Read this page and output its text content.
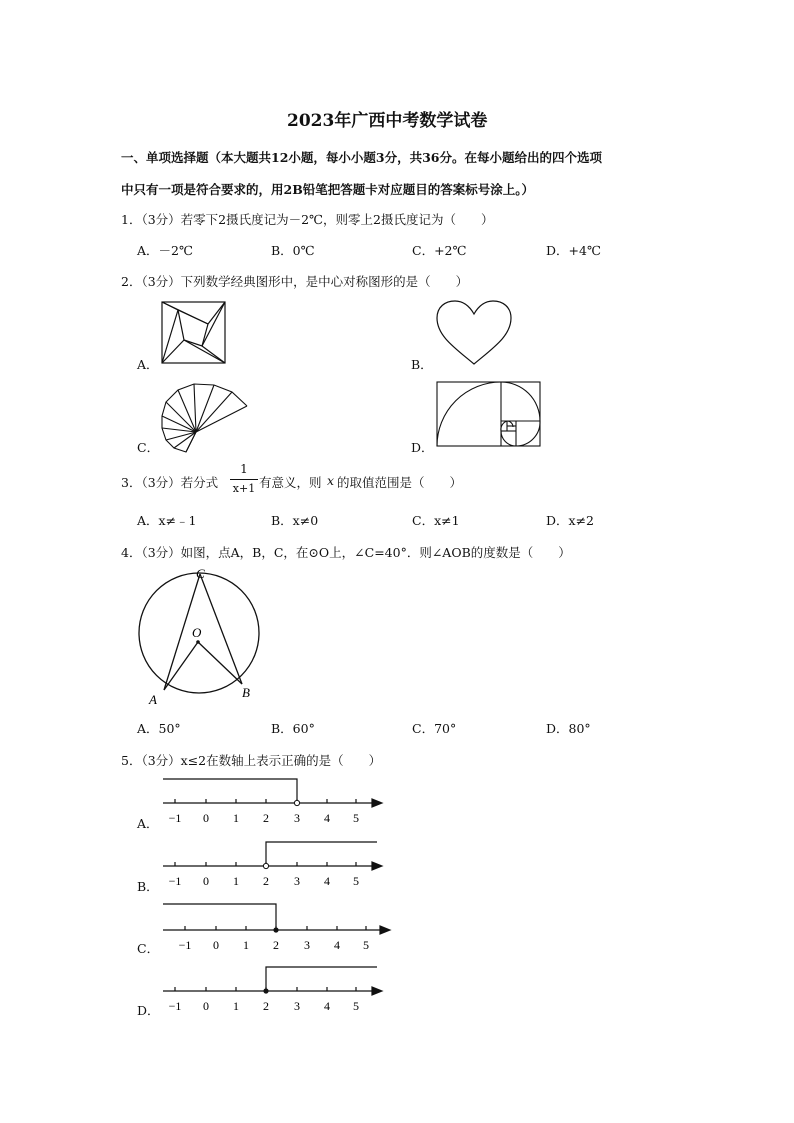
2023年广西中考数学试卷
一、单项选择题（本大题共12小题，每小小题3分，共36分。在每小题给出的四个选项
中只有一项是符合要求的，用2B铅笔把答题卡对应题目的答案标号涂上。）
1．（3分）若零下2摄氏度记为－2℃，则零上2摄氏度记为（　　）
A．－2℃	B．0℃	C．+2℃	D．+4℃
2．（3分）下列数学经典图形中，是中心对称图形的是（　　）
A．	B．
C．	D．
3．（3分）若分式
1
x+1 有意义，则 x 的取值范围是（　　）
A．x≠﹣1	B．x≠0	C．x≠1	D．x≠2
4．（3分）如图，点A，B，C，在⊙O上，∠C=40°．则∠AOB的度数是（　　）
C
O
A	B
A．50°	B．60°	C．70°	D．80°
5．（3分）x≤2在数轴上表示正确的是（　　）
A． −1 0 1 2 3 4 5
B． −1 0 1 2 3 4 5
C． −1 0 1 2 3 4 5
D． −1 0 1 2 3 4 5
